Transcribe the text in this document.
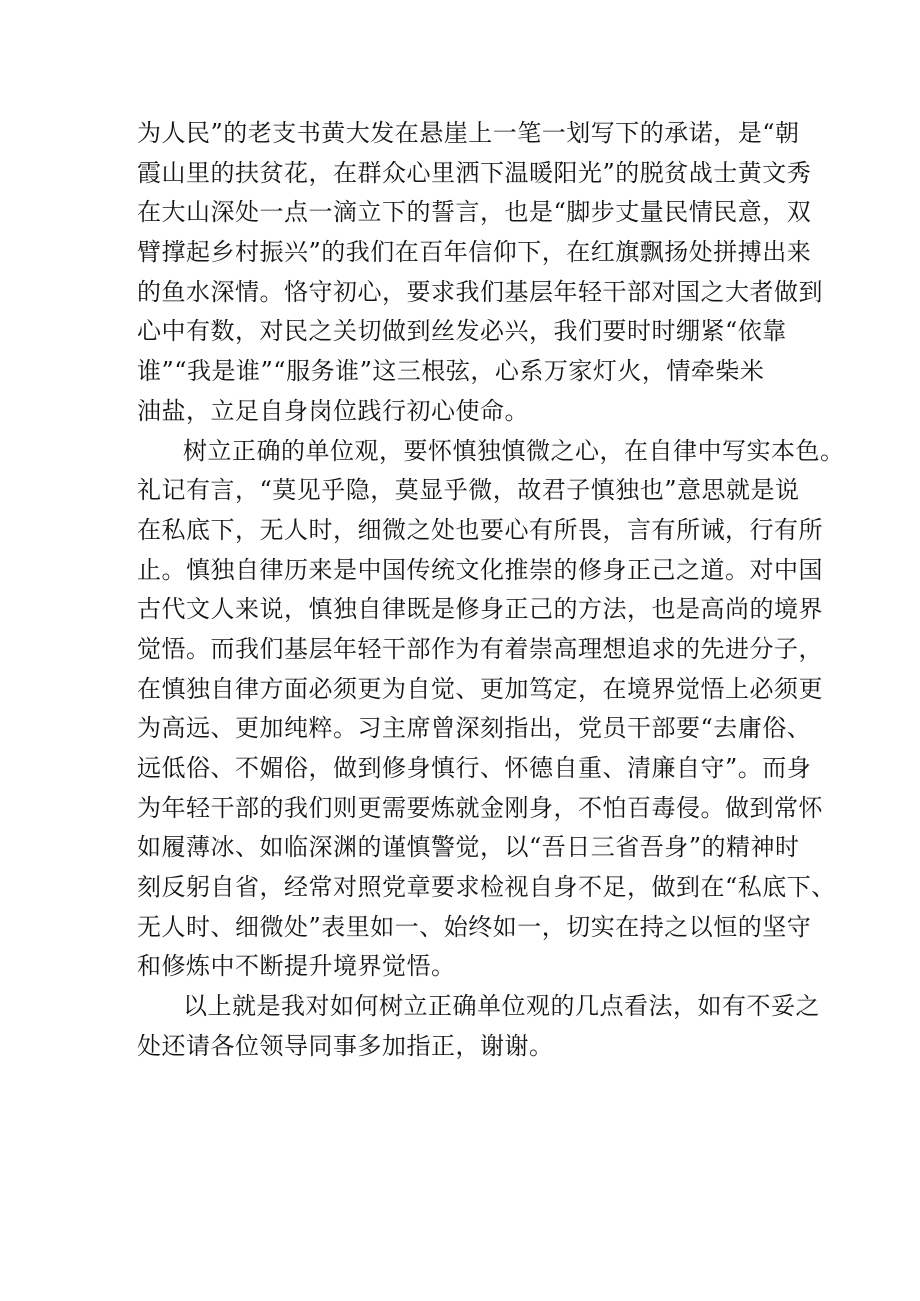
为人民”的老支书黄大发在悬崖上一笔一划写下的承诺，是“朝
霞山里的扶贫花，在群众心里洒下温暖阳光”的脱贫战士黄文秀
在大山深处一点一滴立下的誓言，也是“脚步丈量民情民意，双
臂撑起乡村振兴”的我们在百年信仰下，在红旗飘扬处拼搏出来
的鱼水深情。恪守初心，要求我们基层年轻干部对国之大者做到
心中有数，对民之关切做到丝发必兴，我们要时时绷紧“依靠
谁”“我是谁”“服务谁”这三根弦，心系万家灯火，情牵柴米
油盐，立足自身岗位践行初心使命。
树立正确的单位观，要怀慎独慎微之心，在自律中写实本色。
礼记有言，“莫见乎隐，莫显乎微，故君子慎独也”意思就是说
在私底下，无人时，细微之处也要心有所畏，言有所诫，行有所
止。慎独自律历来是中国传统文化推崇的修身正己之道。对中国
古代文人来说，慎独自律既是修身正己的方法，也是高尚的境界
觉悟。而我们基层年轻干部作为有着崇高理想追求的先进分子，
在慎独自律方面必须更为自觉、更加笃定，在境界觉悟上必须更
为高远、更加纯粹。习主席曾深刻指出，党员干部要“去庸俗、
远低俗、不媚俗，做到修身慎行、怀德自重、清廉自守”。而身
为年轻干部的我们则更需要炼就金刚身，不怕百毒侵。做到常怀
如履薄冰、如临深渊的谨慎警觉，以“吾日三省吾身”的精神时
刻反躬自省，经常对照党章要求检视自身不足，做到在“私底下、
无人时、细微处”表里如一、始终如一，切实在持之以恒的坚守
和修炼中不断提升境界觉悟。
以上就是我对如何树立正确单位观的几点看法，如有不妥之
处还请各位领导同事多加指正，谢谢。
